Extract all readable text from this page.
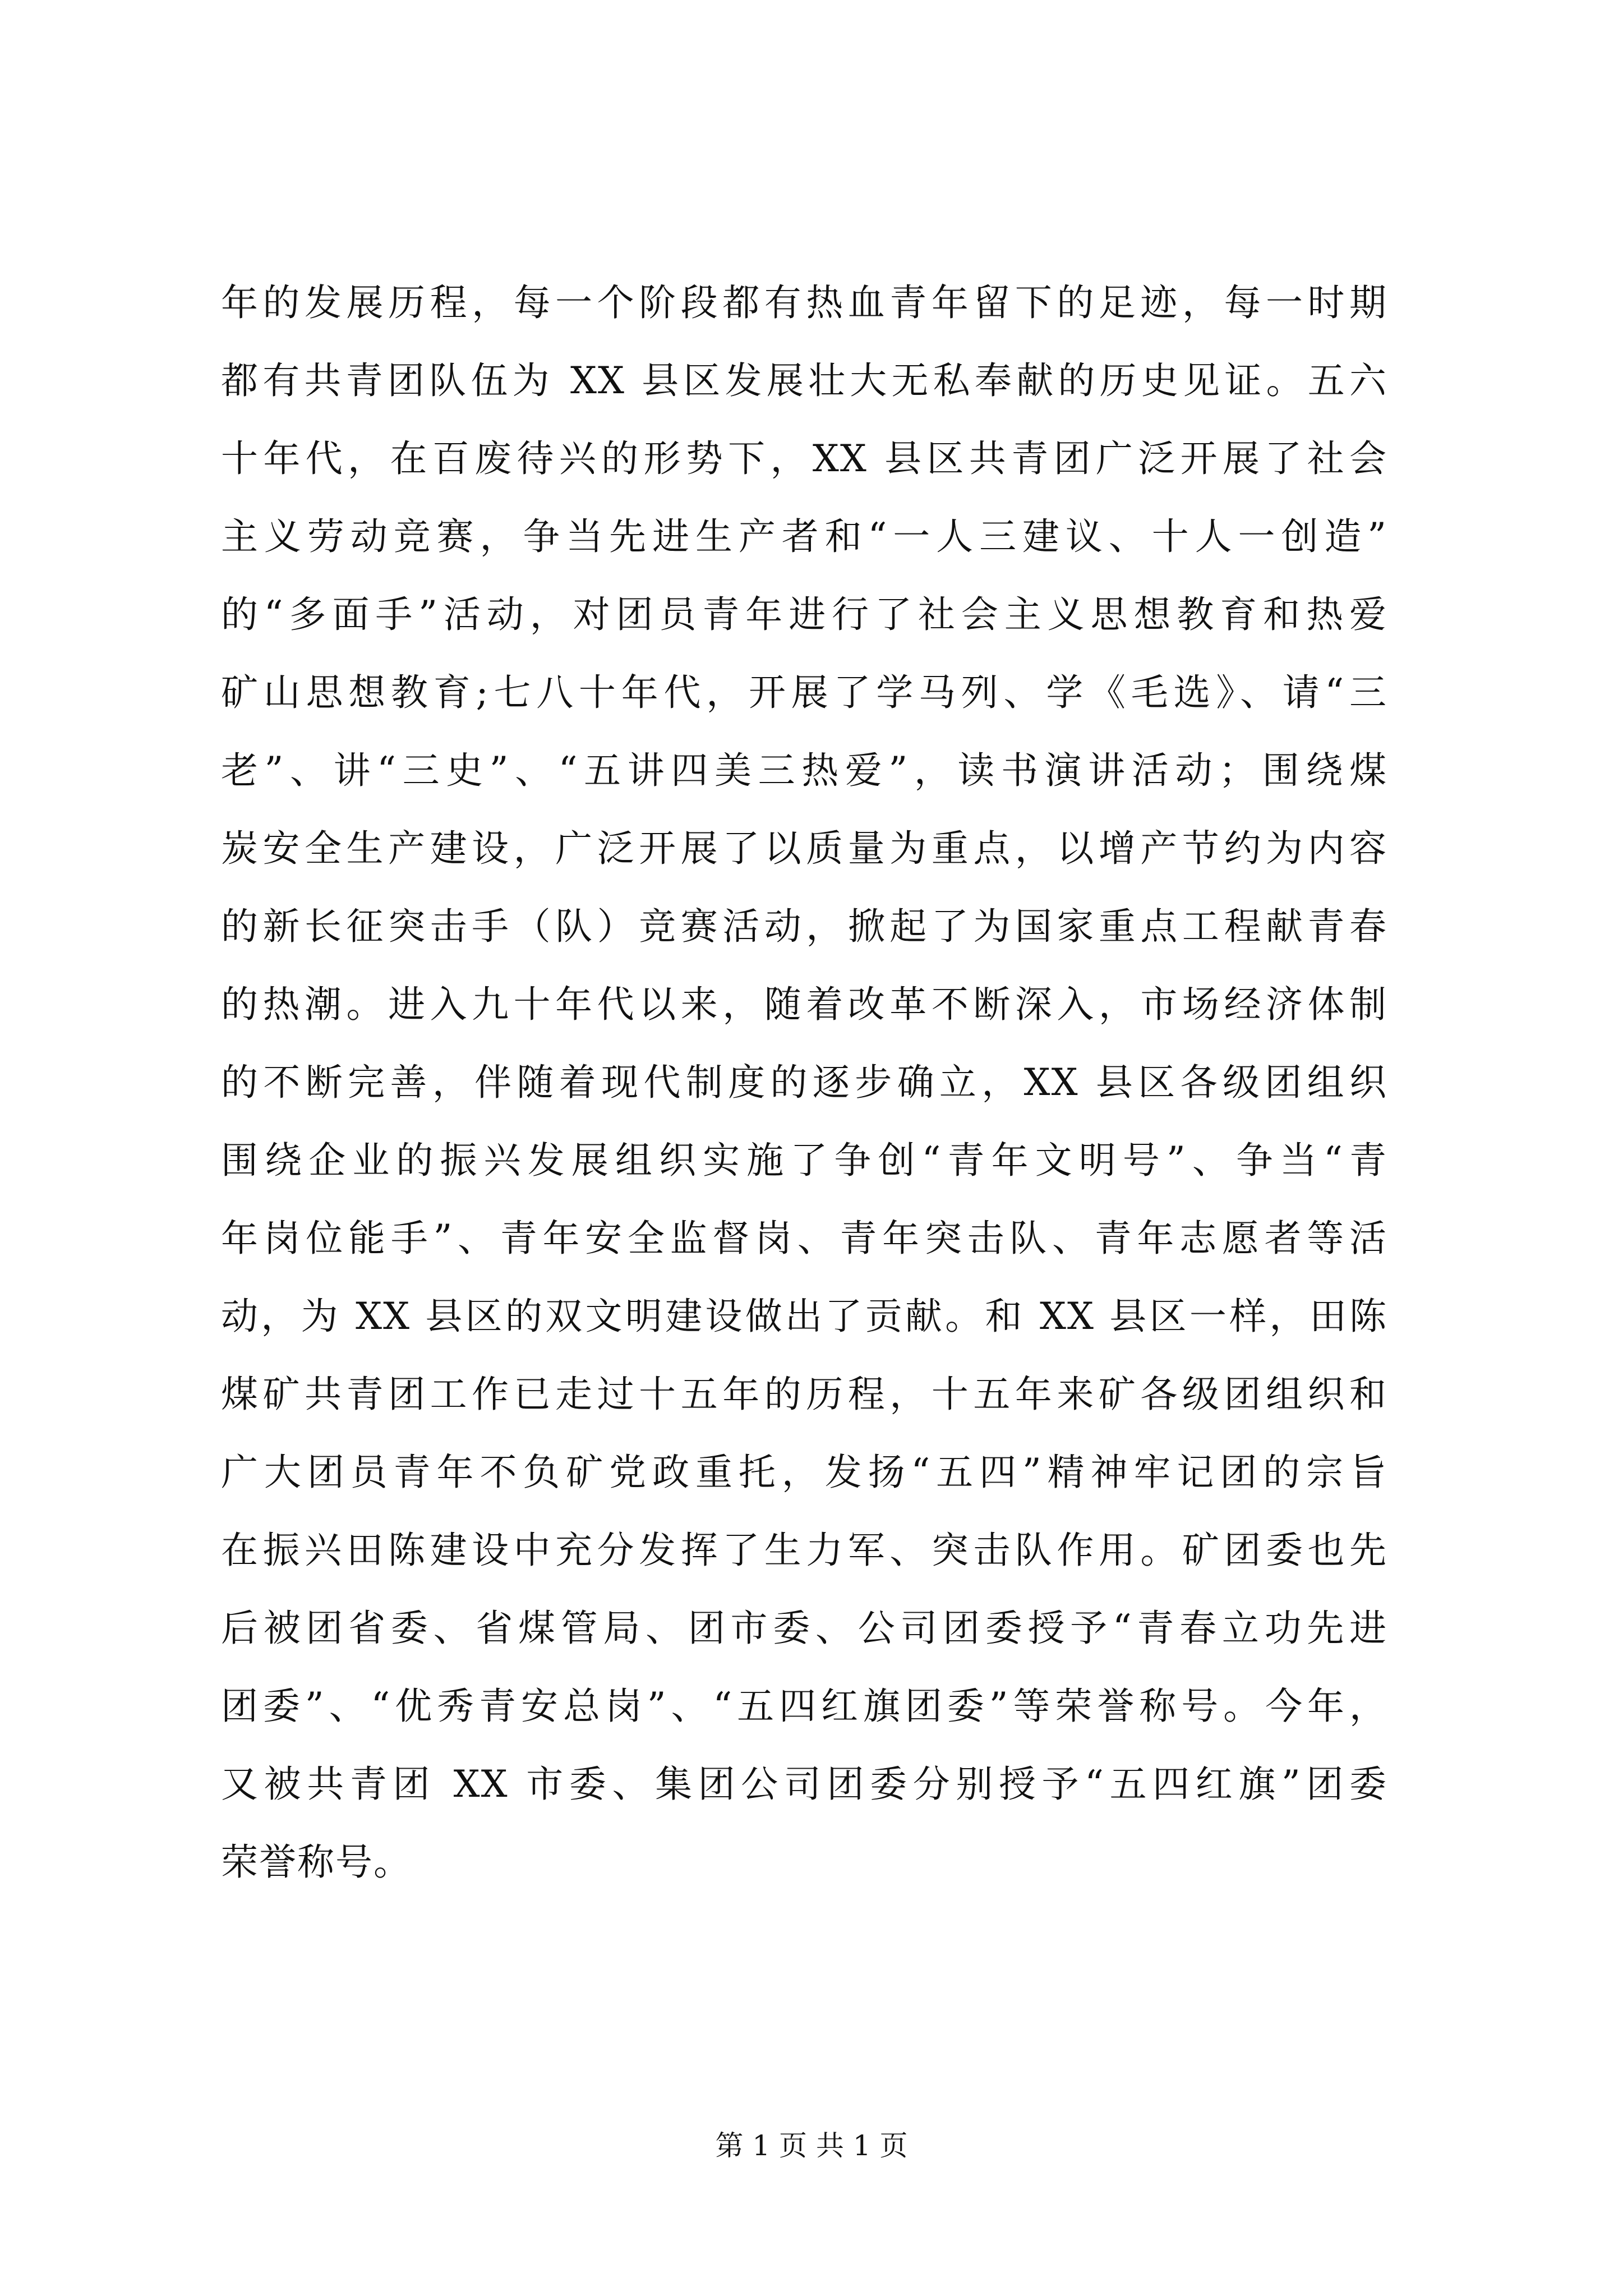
年的发展历程，每一个阶段都有热血青年留下的足迹，每一时期
都有共青团队伍为 XX 县区发展壮大无私奉献的历史见证。五六
十年代，在百废待兴的形势下，XX 县区共青团广泛开展了社会
主义劳动竞赛，争当先进生产者和“一人三建议、十人一创造”
的“多面手”活动，对团员青年进行了社会主义思想教育和热爱
矿山思想教育;七八十年代，开展了学马列、学《毛选》、请“三
老”、讲“三史”、“五讲四美三热爱”，读书演讲活动；围绕煤
炭安全生产建设，广泛开展了以质量为重点，以增产节约为内容
的新长征突击手（队）竞赛活动，掀起了为国家重点工程献青春
的热潮。进入九十年代以来，随着改革不断深入，市场经济体制
的不断完善，伴随着现代制度的逐步确立，XX 县区各级团组织
围绕企业的振兴发展组织实施了争创“青年文明号”、争当“青
年岗位能手”、青年安全监督岗、青年突击队、青年志愿者等活
动，为 XX 县区的双文明建设做出了贡献。和 XX 县区一样，田陈
煤矿共青团工作已走过十五年的历程，十五年来矿各级团组织和
广大团员青年不负矿党政重托，发扬“五四”精神牢记团的宗旨
在振兴田陈建设中充分发挥了生力军、突击队作用。矿团委也先
后被团省委、省煤管局、团市委、公司团委授予“青春立功先进
团委”、“优秀青安总岗”、“五四红旗团委”等荣誉称号。今年，
又被共青团 XX 市委、集团公司团委分别授予“五四红旗”团委
荣誉称号。
第 1 页 共 1 页
